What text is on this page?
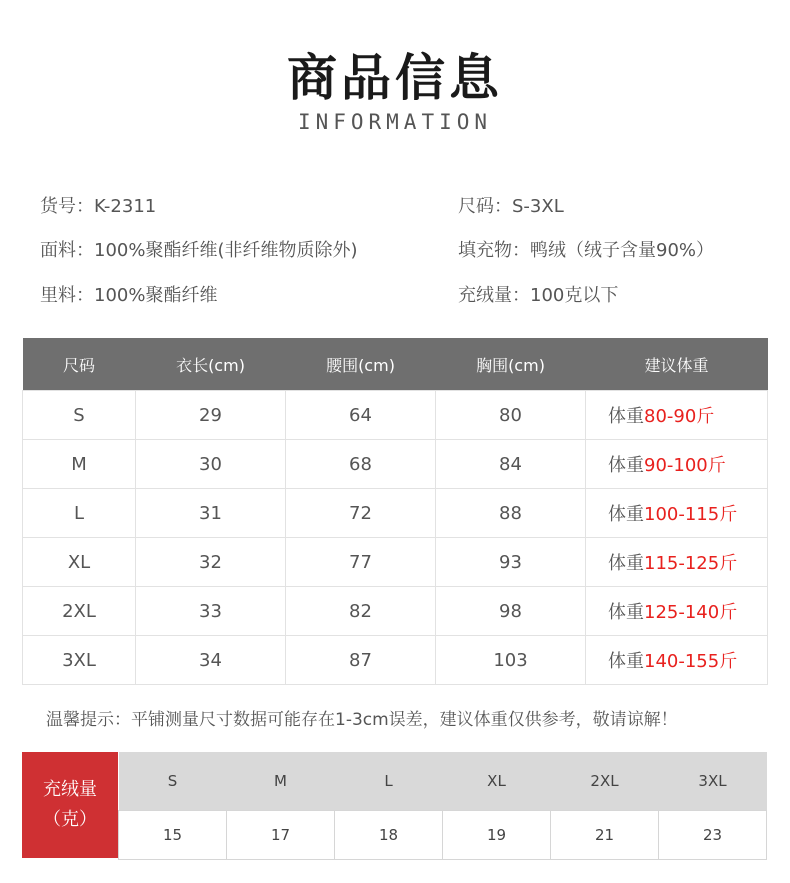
商品信息
INFORMATION
货号：K-2311	尺码：S-3XL
面料：100%聚酯纤维(非纤维物质除外)	填充物：鸭绒（绒子含量90%）
里料：100%聚酯纤维	充绒量：100克以下
尺码	衣长(cm)	腰围(cm)	胸围(cm)	建议体重
S	29	64	80	体重80-90斤
M	30	68	84	体重90-100斤
L	31	72	88	体重100-115斤
XL	32	77	93	体重115-125斤
2XL	33	82	98	体重125-140斤
3XL	34	87	103	体重140-155斤
温馨提示：平铺测量尺寸数据可能存在1-3cm误差，建议体重仅供参考，敬请谅解！
充绒量
（克）
S	M	L	XL	2XL	3XL
15	17	18	19	21	23
